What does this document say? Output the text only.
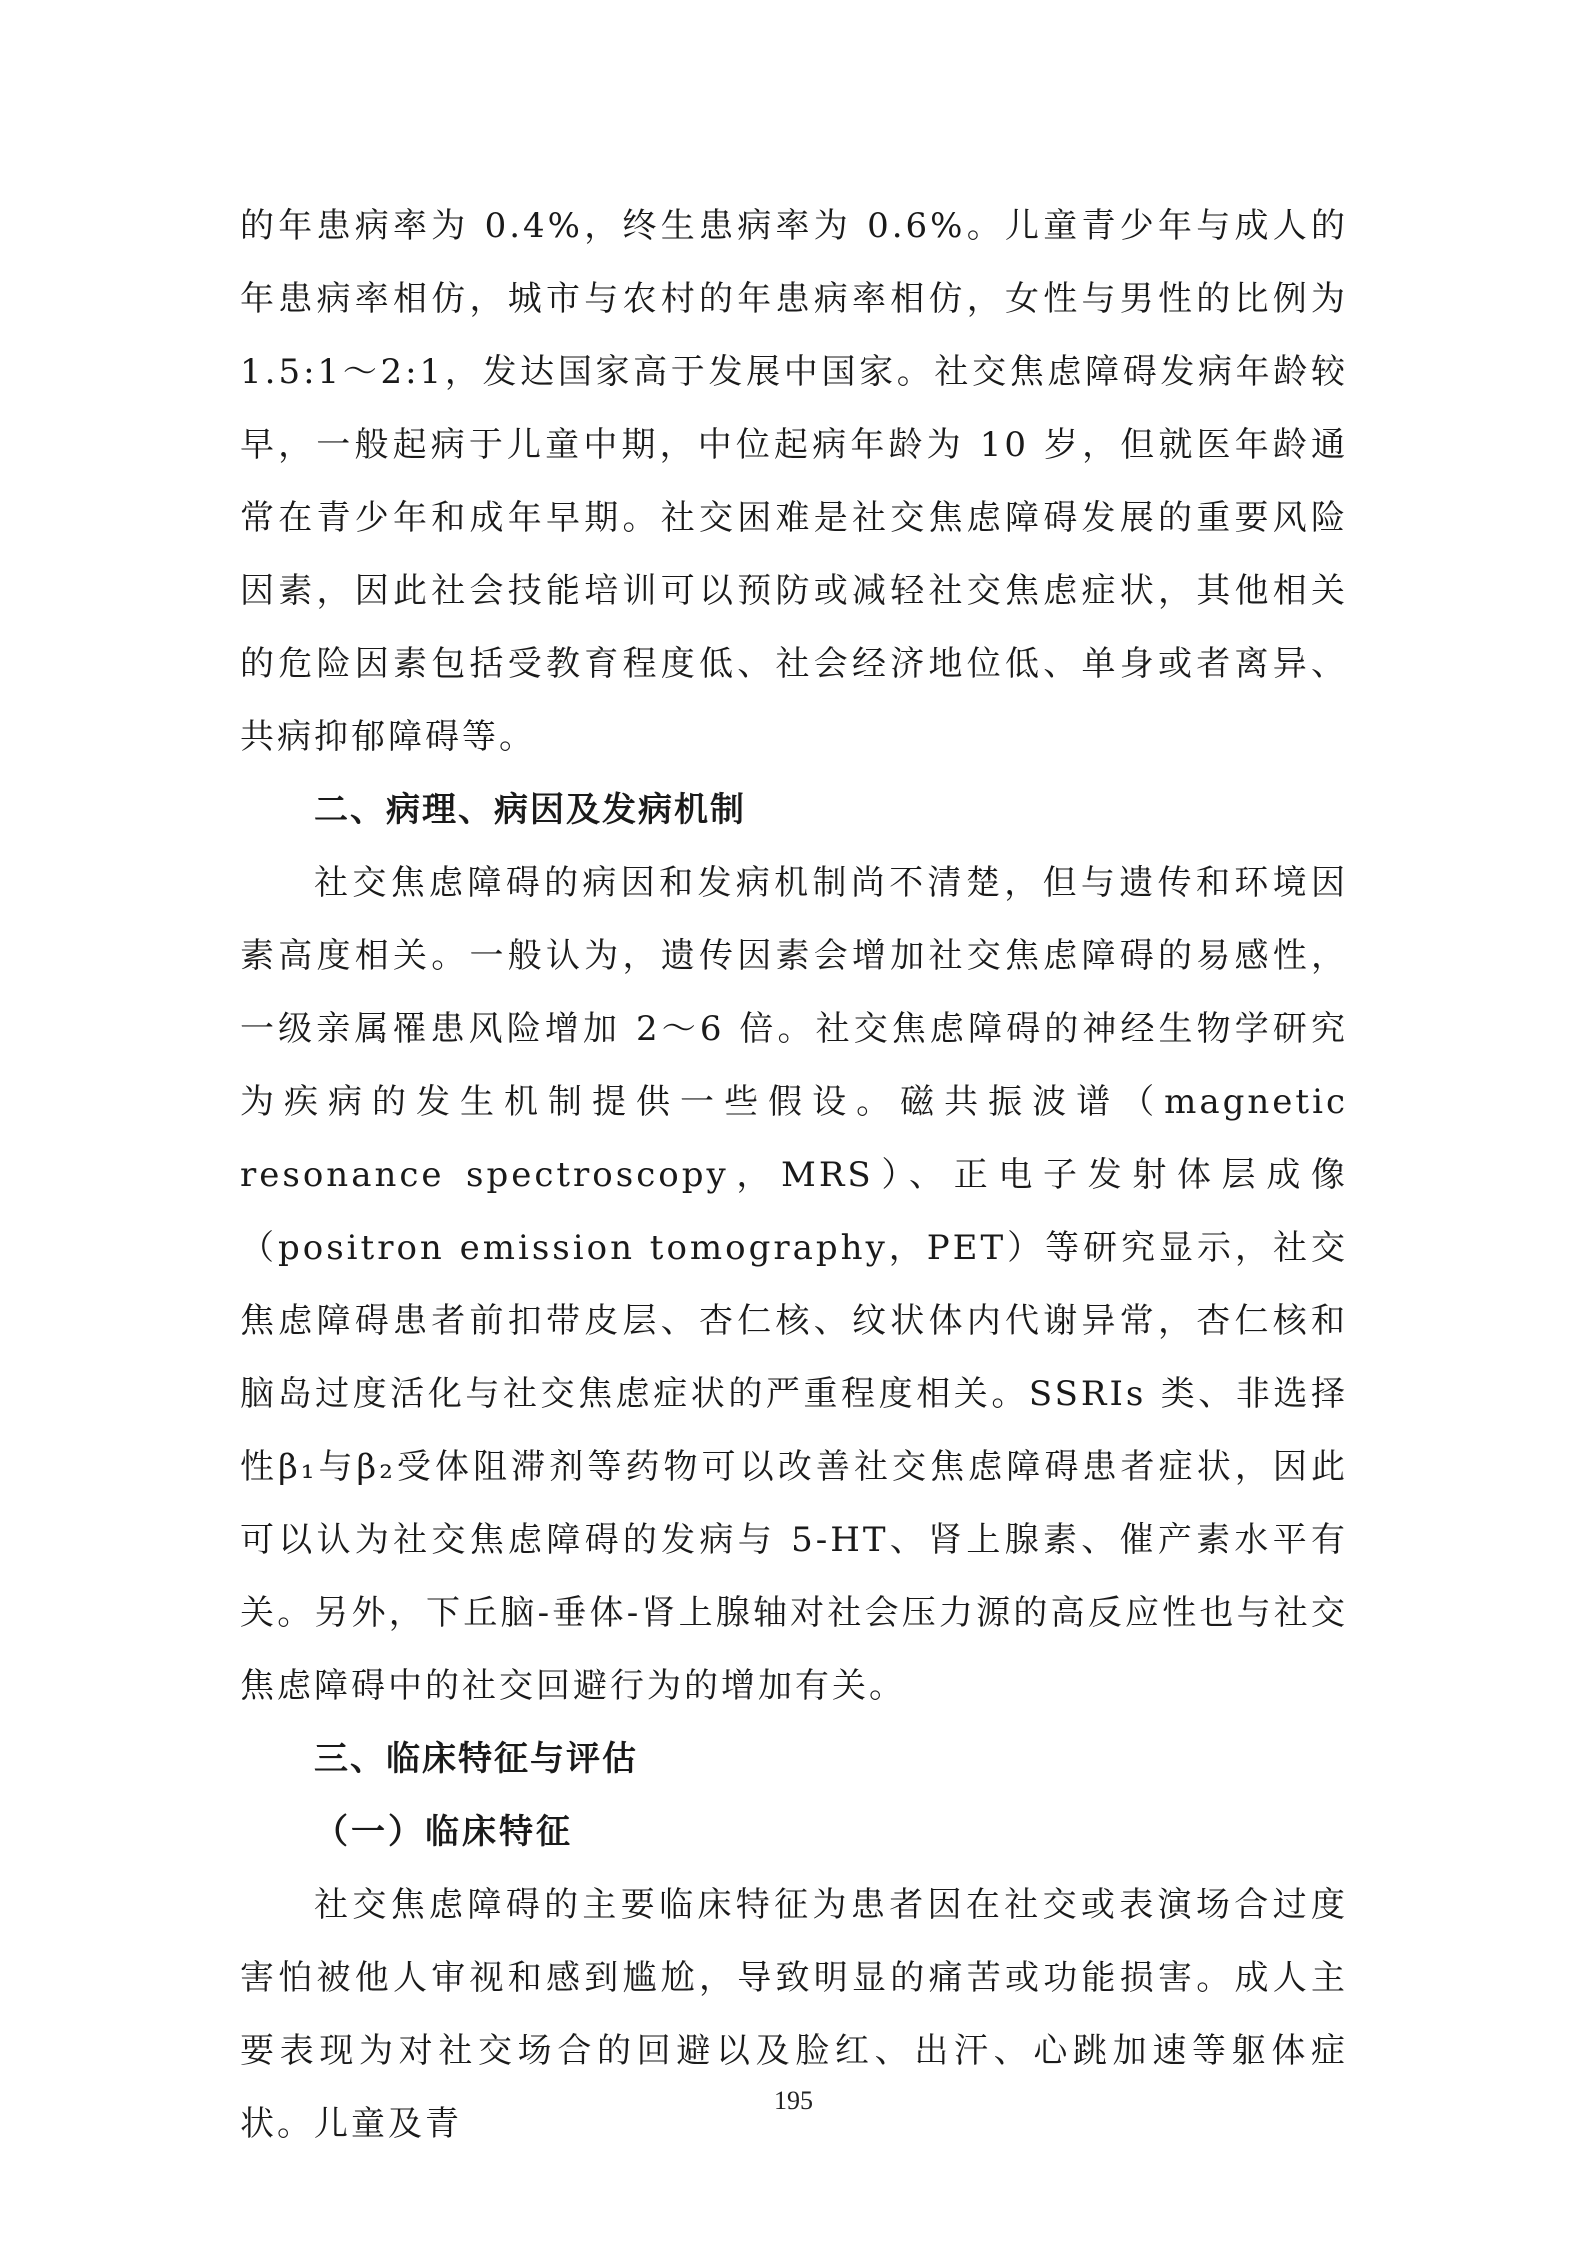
的年患病率为 0.4%，终生患病率为 0.6%。儿童青少年与成人的年患病率相仿，城市与农村的年患病率相仿，女性与男性的比例为 1.5:1～2:1，发达国家高于发展中国家。社交焦虑障碍发病年龄较早，一般起病于儿童中期，中位起病年龄为 10 岁，但就医年龄通常在青少年和成年早期。社交困难是社交焦虑障碍发展的重要风险因素，因此社会技能培训可以预防或减轻社交焦虑症状，其他相关的危险因素包括受教育程度低、社会经济地位低、单身或者离异、共病抑郁障碍等。

二、病理、病因及发病机制

社交焦虑障碍的病因和发病机制尚不清楚，但与遗传和环境因素高度相关。一般认为，遗传因素会增加社交焦虑障碍的易感性，一级亲属罹患风险增加 2～6 倍。社交焦虑障碍的神经生物学研究为疾病的发生机制提供一些假设。磁共振波谱（magnetic resonance spectroscopy，MRS）、正电子发射体层成像（positron emission tomography，PET）等研究显示，社交焦虑障碍患者前扣带皮层、杏仁核、纹状体内代谢异常，杏仁核和脑岛过度活化与社交焦虑症状的严重程度相关。SSRIs 类、非选择性β₁与β₂受体阻滞剂等药物可以改善社交焦虑障碍患者症状，因此可以认为社交焦虑障碍的发病与 5-HT、肾上腺素、催产素水平有关。另外，下丘脑-垂体-肾上腺轴对社会压力源的高反应性也与社交焦虑障碍中的社交回避行为的增加有关。

三、临床特征与评估
（一）临床特征

社交焦虑障碍的主要临床特征为患者因在社交或表演场合过度害怕被他人审视和感到尴尬，导致明显的痛苦或功能损害。成人主要表现为对社交场合的回避以及脸红、出汗、心跳加速等躯体症状。儿童及青

195
